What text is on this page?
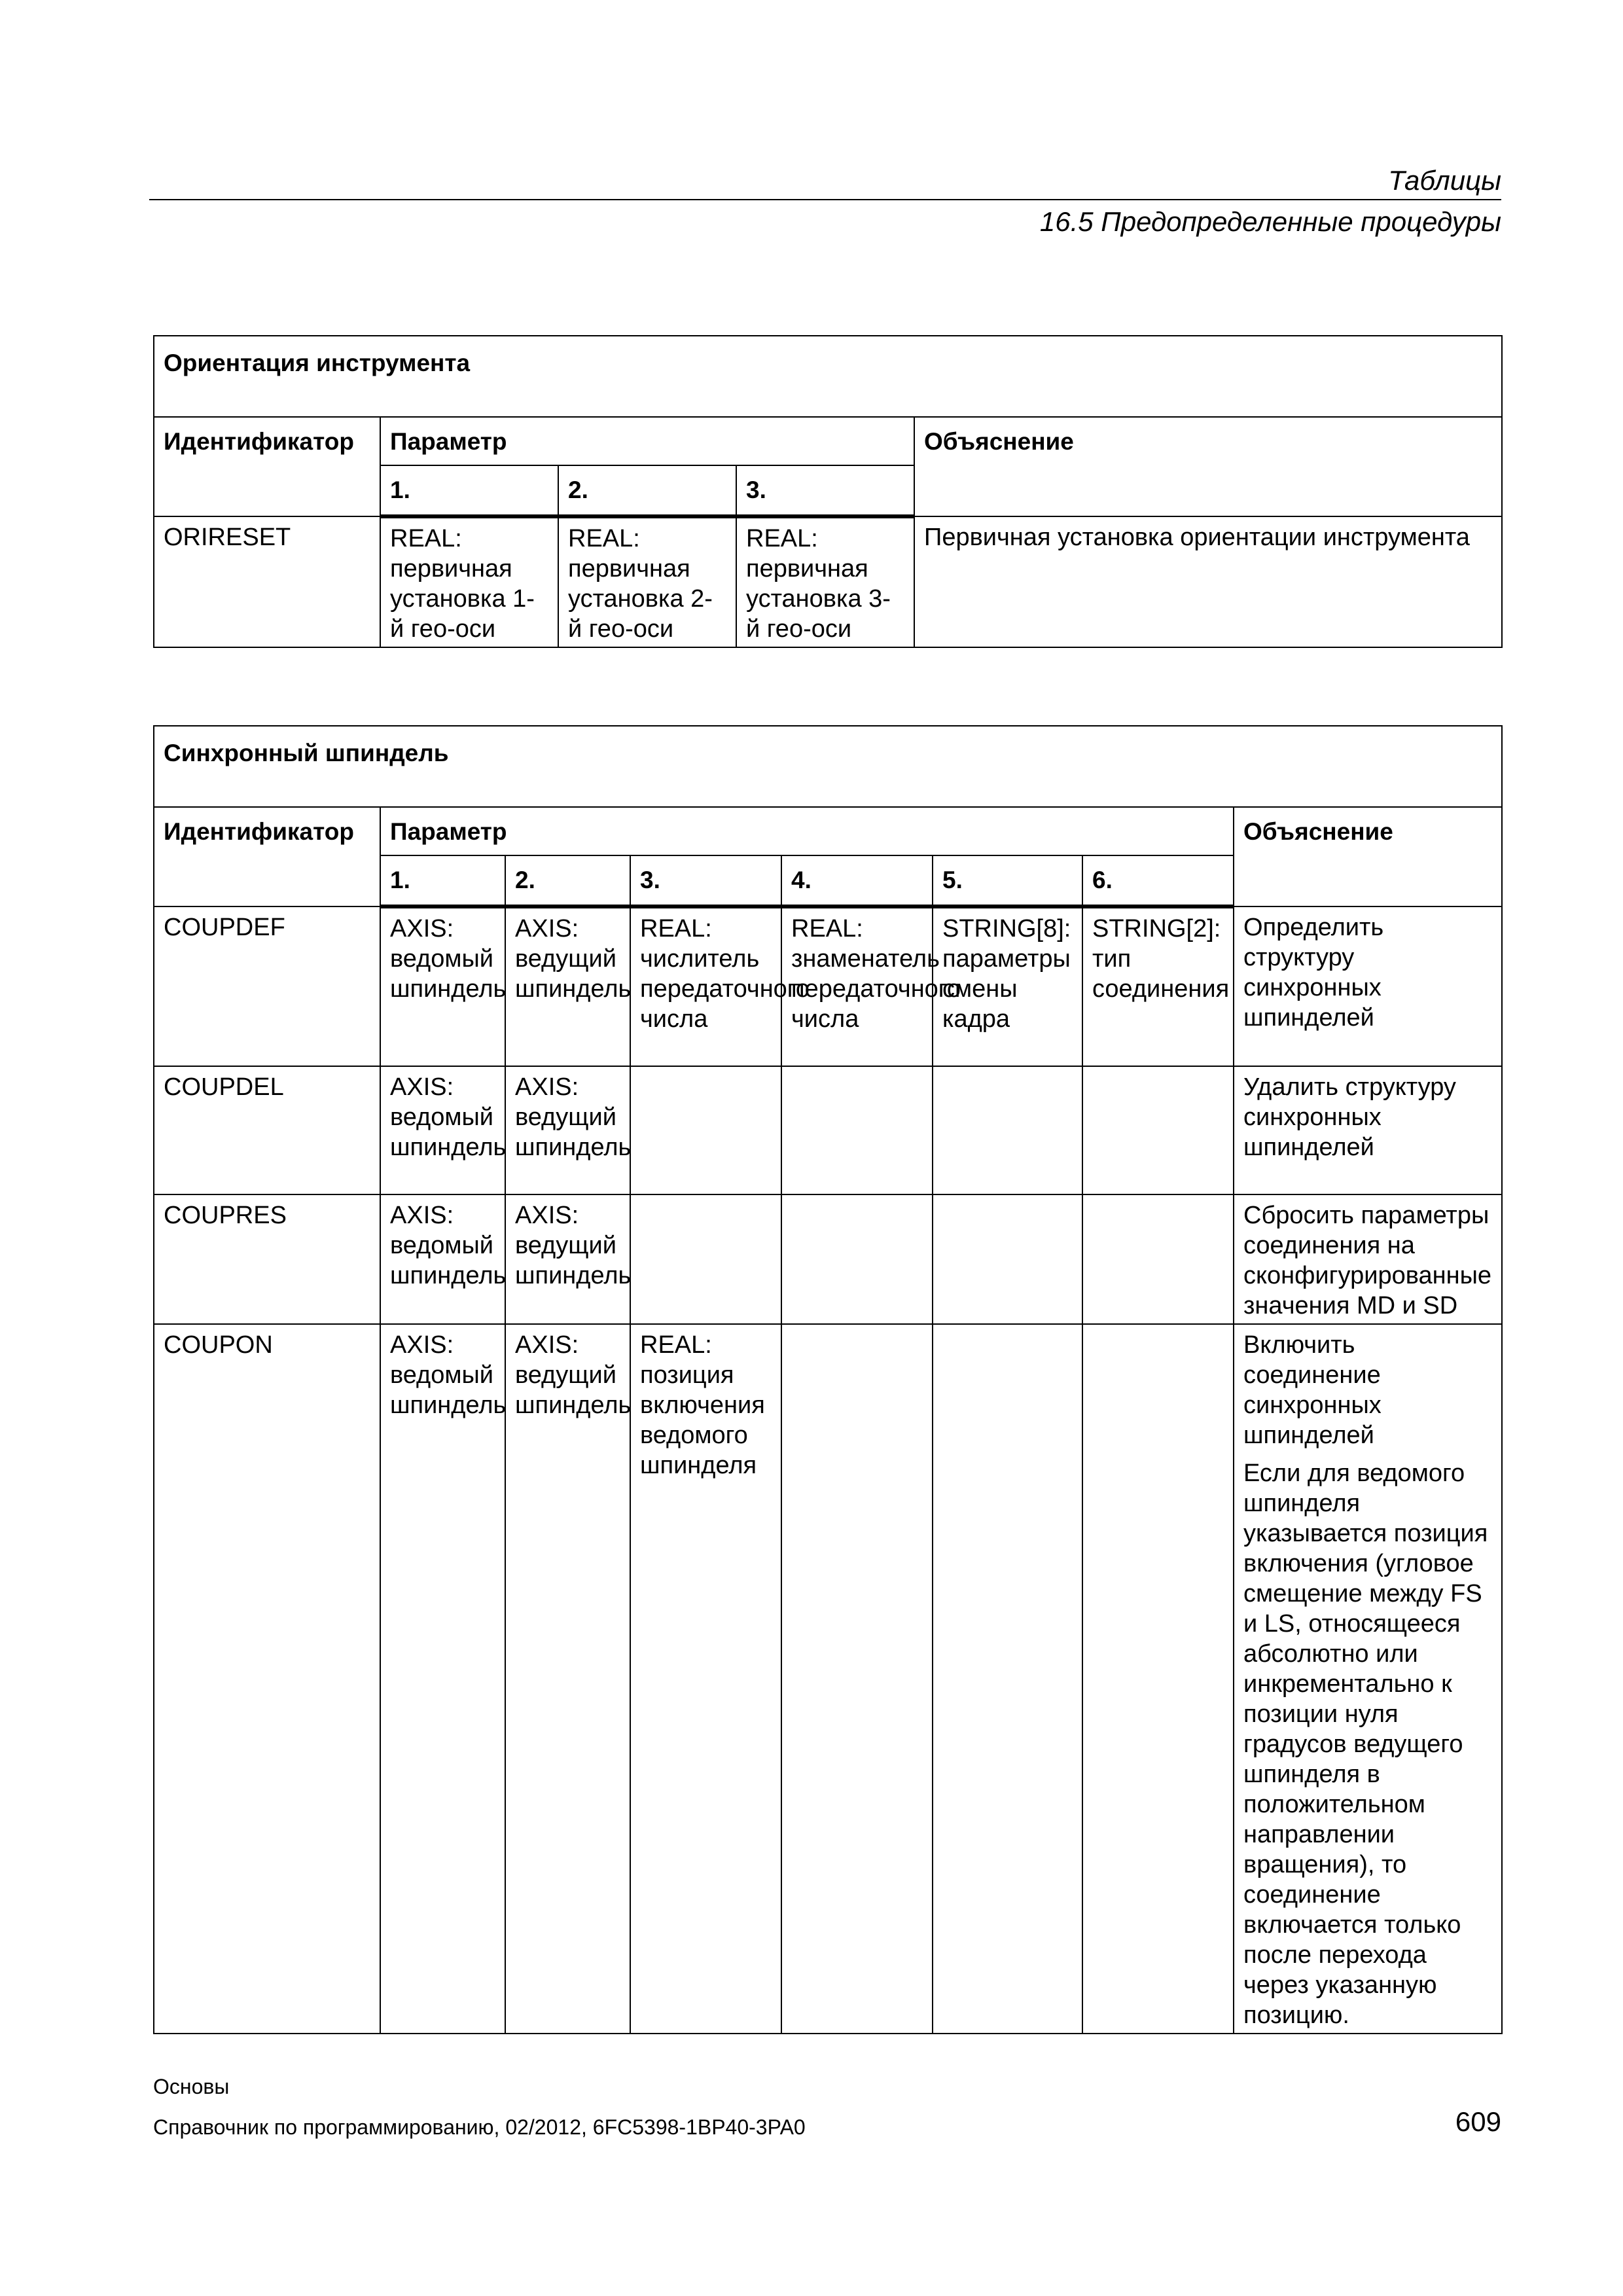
Таблицы
16.5 Предопределенные процедуры
Ориентация инструмента				
Идентификатор	Параметр			Объяснение
	1.	2.	3.	
ORIRESET	REAL: первичная установка 1-й гео-оси	REAL: первичная установка 2-й гео-оси	REAL: первичная установка 3-й гео-оси	Первичная установка ориентации инструмента
Синхронный шпиндель							
Идентификатор	Параметр						Объяснение
	1.	2.	3.	4.	5.	6.	
COUPDEF	AXIS: ведомый шпиндель	AXIS: ведущий шпиндель	REAL: числитель передаточного числа	REAL: знаменатель передаточного числа	STRING[8]: параметры смены кадра	STRING[2]: тип соединения	Определить структуру синхронных шпинделей
COUPDEL	AXIS: ведомый шпиндель	AXIS: ведущий шпиндель					Удалить структуру синхронных шпинделей
COUPRES	AXIS: ведомый шпиндель	AXIS: ведущий шпиндель					Сбросить параметры соединения на сконфигурированные значения MD и SD
COUPON	AXIS: ведомый шпиндель	AXIS: ведущий шпиндель	REAL: позиция включения ведомого шпинделя				Включить соединение синхронных шпинделей
Если для ведомого шпинделя указывается позиция включения (угловое смещение между FS и LS, относящееся абсолютно или инкрементально к позиции нуля градусов ведущего шпинделя в положительном направлении вращения), то соединение включается только после перехода через указанную позицию.
Основы
Справочник по программированию, 02/2012, 6FC5398-1BP40-3PA0	609
